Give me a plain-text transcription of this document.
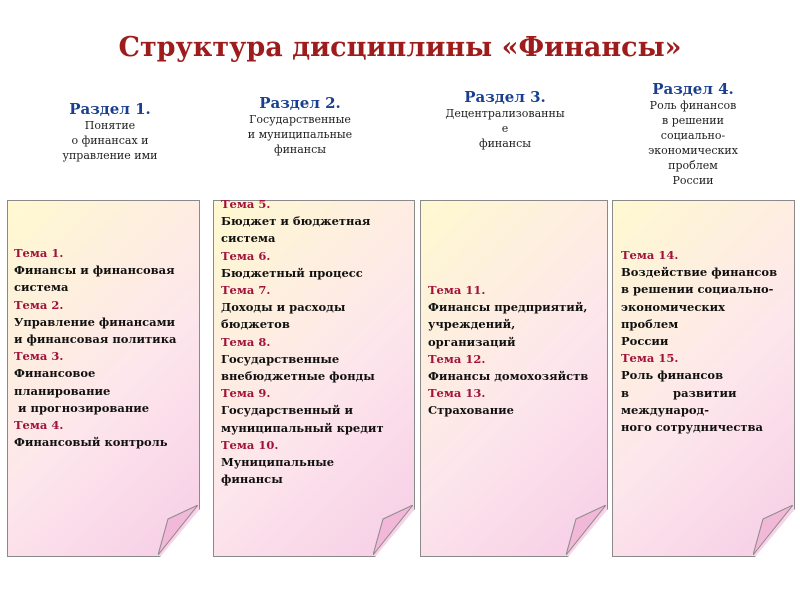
Структура дисциплины «Финансы»
Раздел 1.
Понятие
о финансах и
управление ими
Раздел 2.
Государственные
и муниципальные
финансы
Раздел 3.
Децентрализованны
е
финансы
Раздел 4.
Роль финансов
в решении
социально-
экономических
проблем
России
Тема 1.
Финансы и финансовая
система
Тема 2.
Управление финансами
и финансовая политика
Тема 3.
Финансовое
планирование
и прогнозирование
Тема 4.
Финансовый контроль
Тема 5.
Бюджет и бюджетная
система
Тема 6.
Бюджетный процесс
Тема 7.
Доходы и расходы
бюджетов
Тема 8.
Государственные
внебюджетные фонды
Тема 9.
Государственный и
муниципальный кредит
Тема 10.
Муниципальные
финансы
Тема 11.
Финансы предприятий,
учреждений,
организаций
Тема 12.
Финансы домохозяйств
Тема 13.
Страхование
Тема 14.
Воздействие финансов
в решении социально-
экономических
проблем
России
Тема 15.
Роль финансов
в           развитии
международ-
ного сотрудничества
